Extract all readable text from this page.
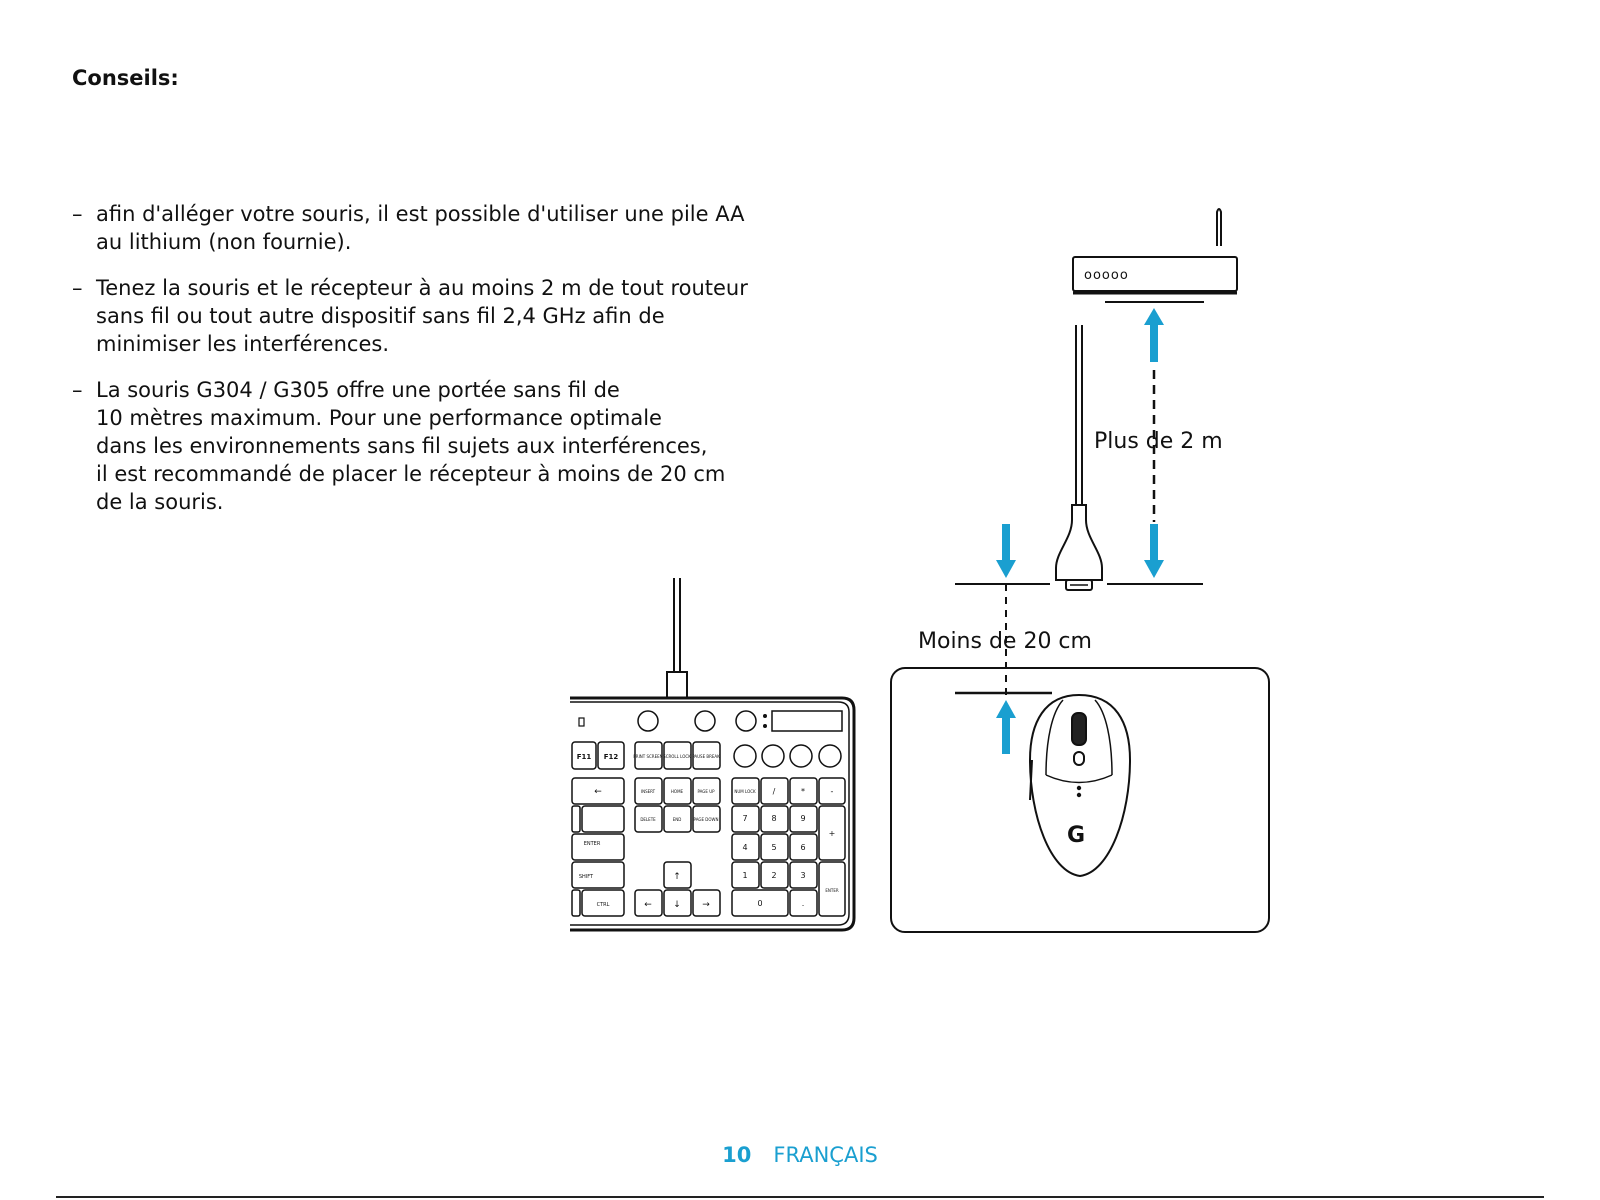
Conseils:
– afin d'alléger votre souris, il est possible d'utiliser une pile AA
au lithium (non fournie).
– Tenez la souris et le récepteur à au moins 2 m de tout routeur
sans fil ou tout autre dispositif sans fil 2,4 GHz afin de
minimiser les interférences.
– La souris G304 / G305 offre une portée sans fil de
10 mètres maximum. Pour une performance optimale
dans les environnements sans fil sujets aux interférences,
il est recommandé de placer le récepteur à moins de 20 cm
de la souris.
ooooo
Plus de 2 m
Moins de 20 cm
G
F11 F12	PRINT SCREEN SCROLL LOCK PAUSE BREAK
←	INSERT	HOME	PAGE UP	NUM LOCK /	*	-
DELETE	END	PAGE DOWN	7	8	9
+
ENTER	4	5	6
SHIFT	↑	1	2	3
ENTER
CTRL	← ↓ →	0	.
10 FRANÇAIS
